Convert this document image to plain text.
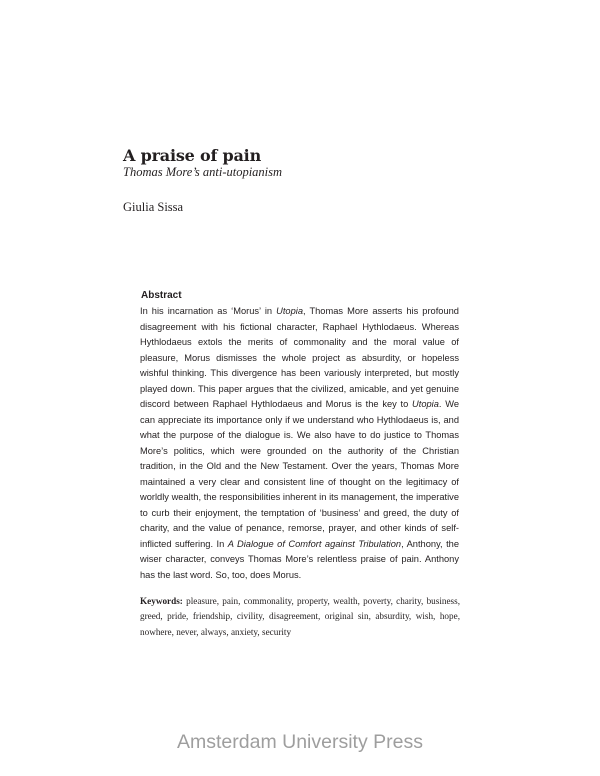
A praise of pain
Thomas More’s anti-utopianism
Giulia Sissa
Abstract

In his incarnation as ‘Morus’ in Utopia, Thomas More asserts his profound disagreement with his fictional character, Raphael Hythlodaeus. Whereas Hythlodaeus extols the merits of commonality and the moral value of pleasure, Morus dismisses the whole project as absurdity, or hopeless wishful thinking. This divergence has been variously interpreted, but mostly played down. This paper argues that the civilized, amicable, and yet genuine discord between Raphael Hythlodaeus and Morus is the key to Utopia. We can appreciate its importance only if we understand who Hythlodaeus is, and what the purpose of the dialogue is. We also have to do justice to Thomas More’s politics, which were grounded on the authority of the Christian tradition, in the Old and the New Testament. Over the years, Thomas More maintained a very clear and consistent line of thought on the legitimacy of worldly wealth, the responsibilities inherent in its management, the imperative to curb their enjoyment, the temptation of ‘business’ and greed, the duty of charity, and the value of penance, remorse, prayer, and other kinds of self-inflicted suffering. In A Dialogue of Comfort against Tribulation, Anthony, the wiser character, conveys Thomas More’s relentless praise of pain. Anthony has the last word. So, too, does Morus.

Keywords: pleasure, pain, commonality, property, wealth, poverty, charity, business, greed, pride, friendship, civility, disagreement, original sin, absurdity, wish, hope, nowhere, never, always, anxiety, security

Amsterdam University Press
